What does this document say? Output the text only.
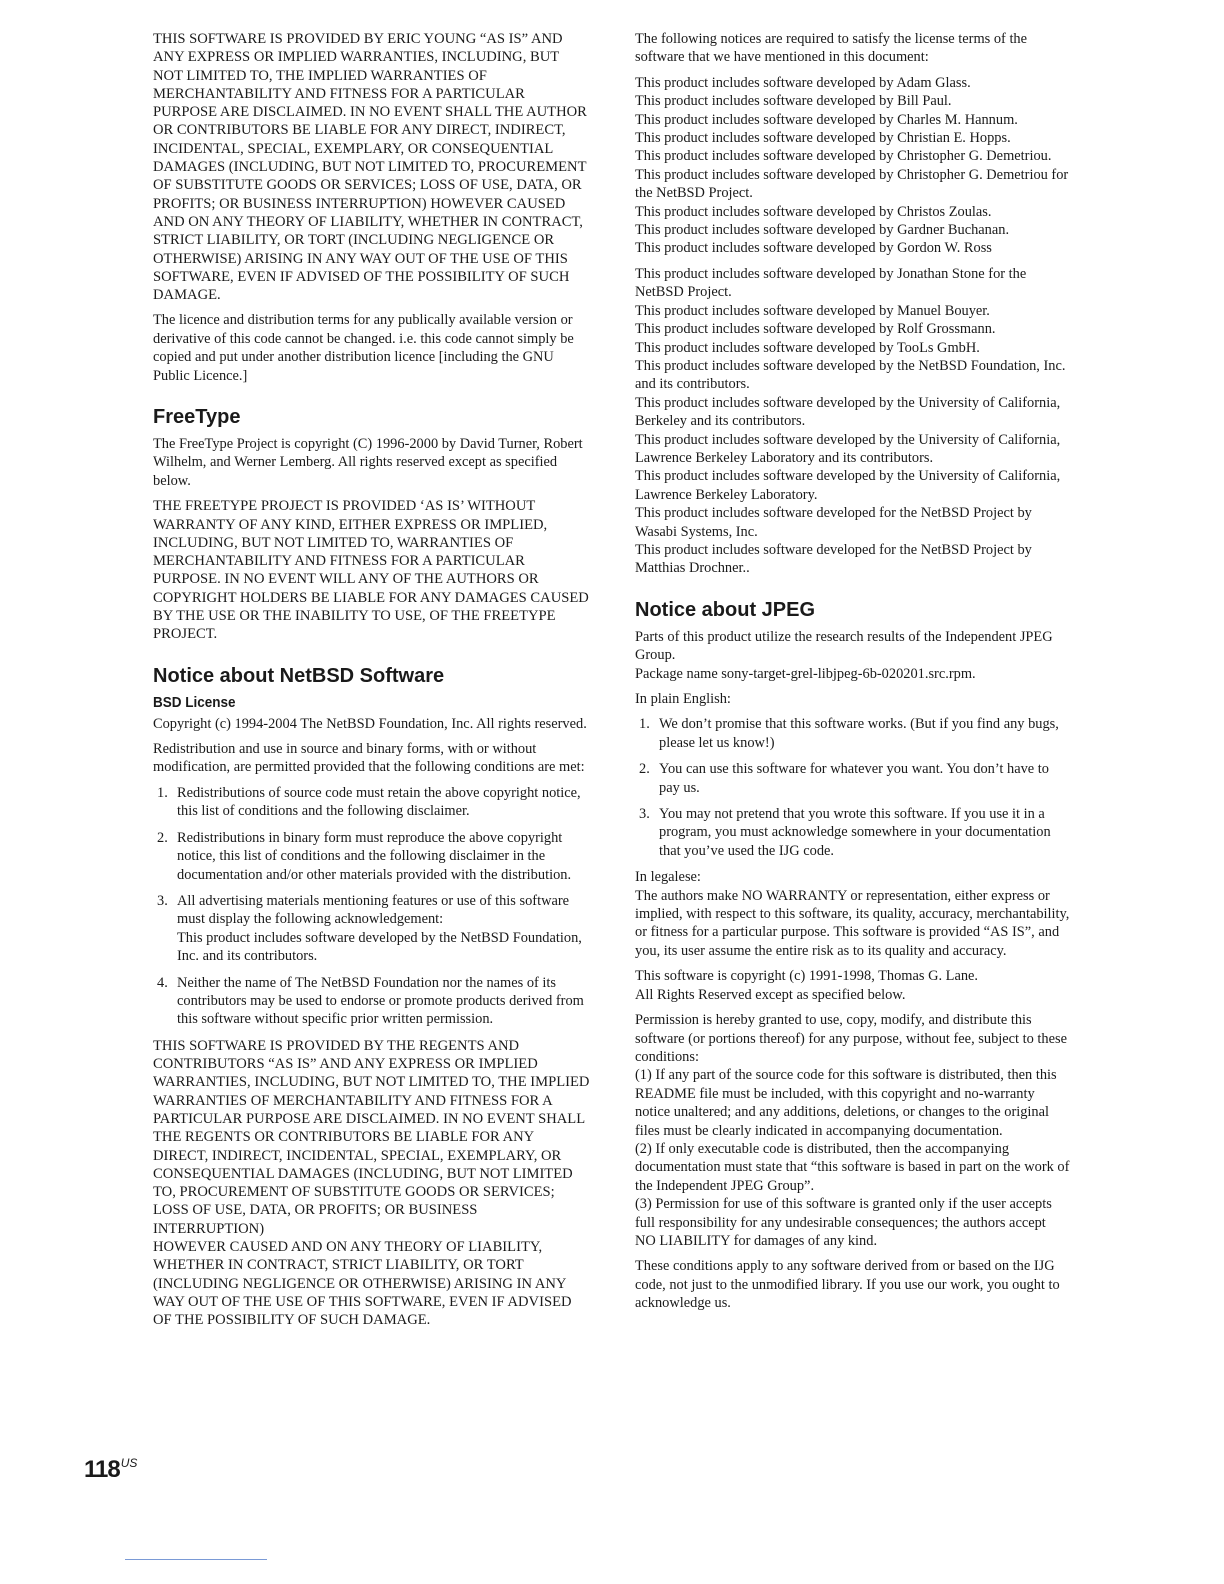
THIS SOFTWARE IS PROVIDED BY ERIC YOUNG “AS IS” AND ANY EXPRESS OR IMPLIED WARRANTIES, INCLUDING, BUT NOT LIMITED TO, THE IMPLIED WARRANTIES OF MERCHANTABILITY AND FITNESS FOR A PARTICULAR PURPOSE ARE DISCLAIMED. IN NO EVENT SHALL THE AUTHOR OR CONTRIBUTORS BE LIABLE FOR ANY DIRECT, INDIRECT, INCIDENTAL, SPECIAL, EXEMPLARY, OR CONSEQUENTIAL DAMAGES (INCLUDING, BUT NOT LIMITED TO, PROCUREMENT OF SUBSTITUTE GOODS OR SERVICES; LOSS OF USE, DATA, OR PROFITS; OR BUSINESS INTERRUPTION) HOWEVER CAUSED AND ON ANY THEORY OF LIABILITY, WHETHER IN CONTRACT, STRICT LIABILITY, OR TORT (INCLUDING NEGLIGENCE OR OTHERWISE) ARISING IN ANY WAY OUT OF THE USE OF THIS SOFTWARE, EVEN IF ADVISED OF THE POSSIBILITY OF SUCH DAMAGE.

The licence and distribution terms for any publically available version or derivative of this code cannot be changed. i.e. this code cannot simply be copied and put under another distribution licence [including the GNU Public Licence.]

FreeType

The FreeType Project is copyright (C) 1996-2000 by David Turner, Robert Wilhelm, and Werner Lemberg. All rights reserved except as specified below.

THE FREETYPE PROJECT IS PROVIDED ‘AS IS’ WITHOUT WARRANTY OF ANY KIND, EITHER EXPRESS OR IMPLIED, INCLUDING, BUT NOT LIMITED TO, WARRANTIES OF MERCHANTABILITY AND FITNESS FOR A PARTICULAR PURPOSE. IN NO EVENT WILL ANY OF THE AUTHORS OR COPYRIGHT HOLDERS BE LIABLE FOR ANY DAMAGES CAUSED BY THE USE OR THE INABILITY TO USE, OF THE FREETYPE PROJECT.

Notice about NetBSD Software
BSD License

Copyright (c) 1994-2004 The NetBSD Foundation, Inc. All rights reserved.

Redistribution and use in source and binary forms, with or without modification, are permitted provided that the following conditions are met:

1. Redistributions of source code must retain the above copyright notice, this list of conditions and the following disclaimer.
2. Redistributions in binary form must reproduce the above copyright notice, this list of conditions and the following disclaimer in the documentation and/or other materials provided with the distribution.
3. All advertising materials mentioning features or use of this software must display the following acknowledgement:
This product includes software developed by the NetBSD Foundation, Inc. and its contributors.
4. Neither the name of The NetBSD Foundation nor the names of its contributors may be used to endorse or promote products derived from this software without specific prior written permission.
THIS SOFTWARE IS PROVIDED BY THE REGENTS AND CONTRIBUTORS “AS IS” AND ANY EXPRESS OR IMPLIED WARRANTIES, INCLUDING, BUT NOT LIMITED TO, THE IMPLIED WARRANTIES OF MERCHANTABILITY AND FITNESS FOR A PARTICULAR PURPOSE ARE DISCLAIMED. IN NO EVENT SHALL THE REGENTS OR CONTRIBUTORS BE LIABLE FOR ANY DIRECT, INDIRECT, INCIDENTAL, SPECIAL, EXEMPLARY, OR CONSEQUENTIAL DAMAGES (INCLUDING, BUT NOT LIMITED TO, PROCUREMENT OF SUBSTITUTE GOODS OR SERVICES; LOSS OF USE, DATA, OR PROFITS; OR BUSINESS INTERRUPTION)
HOWEVER CAUSED AND ON ANY THEORY OF LIABILITY, WHETHER IN CONTRACT, STRICT LIABILITY, OR TORT (INCLUDING NEGLIGENCE OR OTHERWISE) ARISING IN ANY WAY OUT OF THE USE OF THIS SOFTWARE, EVEN IF ADVISED OF THE POSSIBILITY OF SUCH DAMAGE.

The following notices are required to satisfy the license terms of the software that we have mentioned in this document:

This product includes software developed by Adam Glass.
This product includes software developed by Bill Paul.
This product includes software developed by Charles M. Hannum.
This product includes software developed by Christian E. Hopps.
This product includes software developed by Christopher G. Demetriou.
This product includes software developed by Christopher G. Demetriou for the NetBSD Project.
This product includes software developed by Christos Zoulas.
This product includes software developed by Gardner Buchanan.
This product includes software developed by Gordon W. Ross
This product includes software developed by Jonathan Stone for the NetBSD Project.
This product includes software developed by Manuel Bouyer.
This product includes software developed by Rolf Grossmann.
This product includes software developed by TooLs GmbH.
This product includes software developed by the NetBSD Foundation, Inc. and its contributors.
This product includes software developed by the University of California, Berkeley and its contributors.
This product includes software developed by the University of California, Lawrence Berkeley Laboratory and its contributors.
This product includes software developed by the University of California, Lawrence Berkeley Laboratory.
This product includes software developed for the NetBSD Project by Wasabi Systems, Inc.
This product includes software developed for the NetBSD Project by Matthias Drochner..
Notice about JPEG
Parts of this product utilize the research results of the Independent JPEG Group.
Package name sony-target-grel-libjpeg-6b-020201.src.rpm.

In plain English:

1. We don’t promise that this software works. (But if you find any bugs, please let us know!)
2. You can use this software for whatever you want. You don’t have to pay us.
3. You may not pretend that you wrote this software. If you use it in a program, you must acknowledge somewhere in your documentation that you’ve used the IJG code.
In legalese:
The authors make NO WARRANTY or representation, either express or implied, with respect to this software, its quality, accuracy, merchantability, or fitness for a particular purpose. This software is provided “AS IS”, and you, its user assume the entire risk as to its quality and accuracy.
This software is copyright (c) 1991-1998, Thomas G. Lane.
All Rights Reserved except as specified below.
Permission is hereby granted to use, copy, modify, and distribute this software (or portions thereof) for any purpose, without fee, subject to these conditions:
(1) If any part of the source code for this software is distributed, then this README file must be included, with this copyright and no-warranty notice unaltered; and any additions, deletions, or changes to the original files must be clearly indicated in accompanying documentation.
(2) If only executable code is distributed, then the accompanying documentation must state that “this software is based in part on the work of the Independent JPEG Group”.
(3) Permission for use of this software is granted only if the user accepts full responsibility for any undesirable consequences; the authors accept NO LIABILITY for damages of any kind.

These conditions apply to any software derived from or based on the IJG code, not just to the unmodified library. If you use our work, you ought to acknowledge us.

$118^{US}$
